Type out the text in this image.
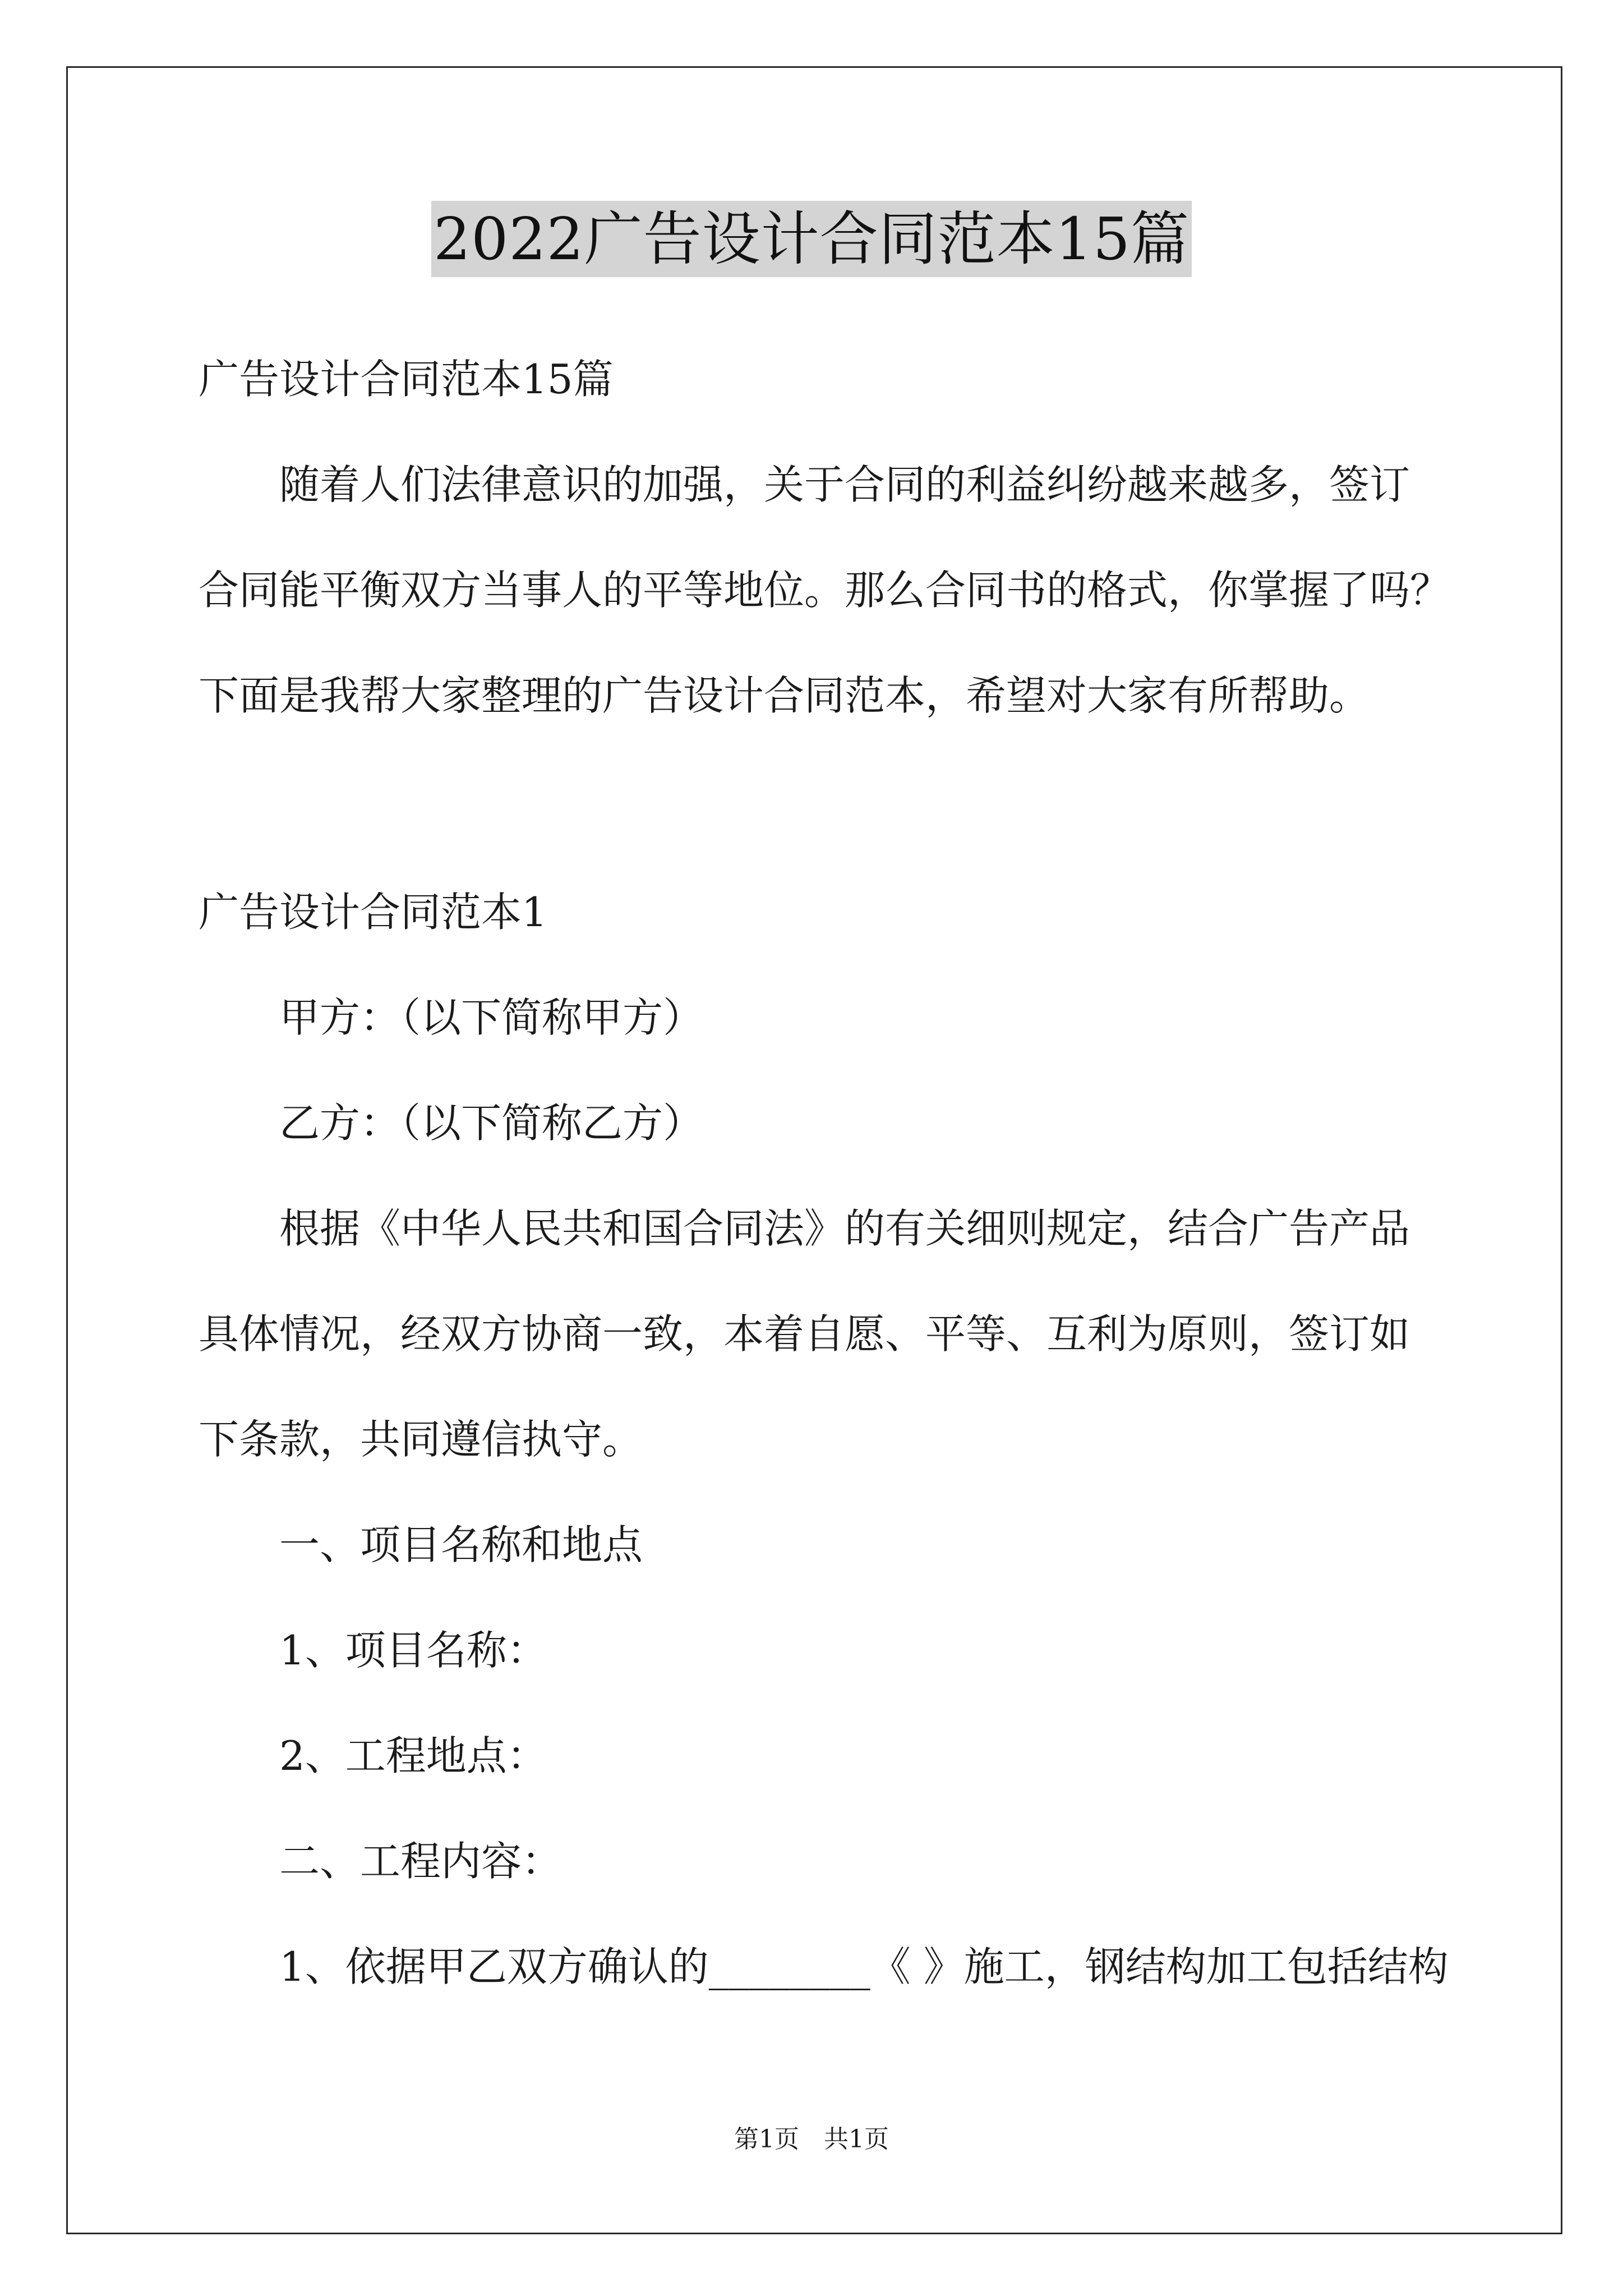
2022广告设计合同范本15篇
广告设计合同范本15篇
随着人们法律意识的加强，关于合同的利益纠纷越来越多，签订
合同能平衡双方当事人的平等地位。那么合同书的格式，你掌握了吗？
下面是我帮大家整理的广告设计合同范本，希望对大家有所帮助。
广告设计合同范本1
甲方：（以下简称甲方）
乙方：（以下简称乙方）
根据《中华人民共和国合同法》的有关细则规定，结合广告产品
具体情况，经双方协商一致，本着自愿、平等、互利为原则，签订如
下条款，共同遵信执守。
一、项目名称和地点
1、项目名称：
2、工程地点：
二、工程内容：
1、依据甲乙双方确认的________《 》施工，钢结构加工包括结构
第1页 共1页
